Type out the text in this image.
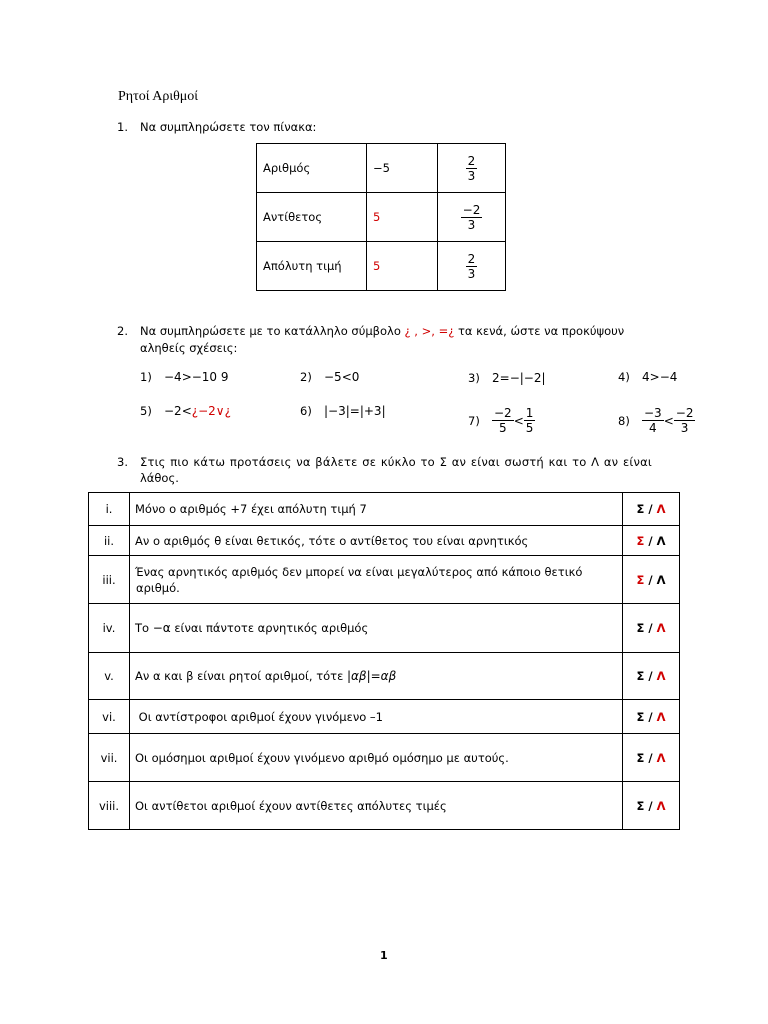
Ρητοί Αριθμοί
1. Να συμπληρώσετε τον πίνακα:
Αριθμός	−5	$\frac{2}{3}$

Αντίθετος	5	$\frac{-2}{3}$

Απόλυτη τιμή	5	$\frac{2}{3}$
2. Να συμπληρώσετε με το κατάλληλο σύμβολο ¿ , >, =¿ τα κενά, ώστε να προκύψουν
αληθείς σχέσεις:
1)	−4>−10 9	2)	−5<0	3)	2=−|−2|	4)	4>−4
5)	−2< ¿−2∨¿	6)	|−3|=|+3|
7)	$\frac{-2}{5} < \frac{1}{5}$	8)	$\frac{-3}{4} < \frac{-2}{3}$
3. Στις πιο κάτω προτάσεις να βάλετε σε κύκλο το Σ αν είναι σωστή και το Λ αν είναι
λάθος.
i.	Μόνο ο αριθμός +7 έχει απόλυτη τιμή 7	Σ / Λ
ii.	Αν ο αριθμός θ είναι θετικός, τότε ο αντίθετος του είναι αρνητικός	Σ / Λ
iii.	Ένας αρνητικός αριθμός δεν μπορεί να είναι μεγαλύτερος από κάποιο θετικό
αριθμό.	Σ / Λ
iv.	Το −α είναι πάντοτε αρνητικός αριθμός	Σ / Λ
v.	Αν α και β είναι ρητοί αριθμοί, τότε |αβ|=αβ	Σ / Λ
vi.	Οι αντίστροφοι αριθμοί έχουν γινόμενο –1	Σ / Λ
vii.	Οι ομόσημοι αριθμοί έχουν γινόμενο αριθμό ομόσημο με αυτούς.	Σ / Λ
viii.	Οι αντίθετοι αριθμοί έχουν αντίθετες απόλυτες τιμές	Σ / Λ
1
